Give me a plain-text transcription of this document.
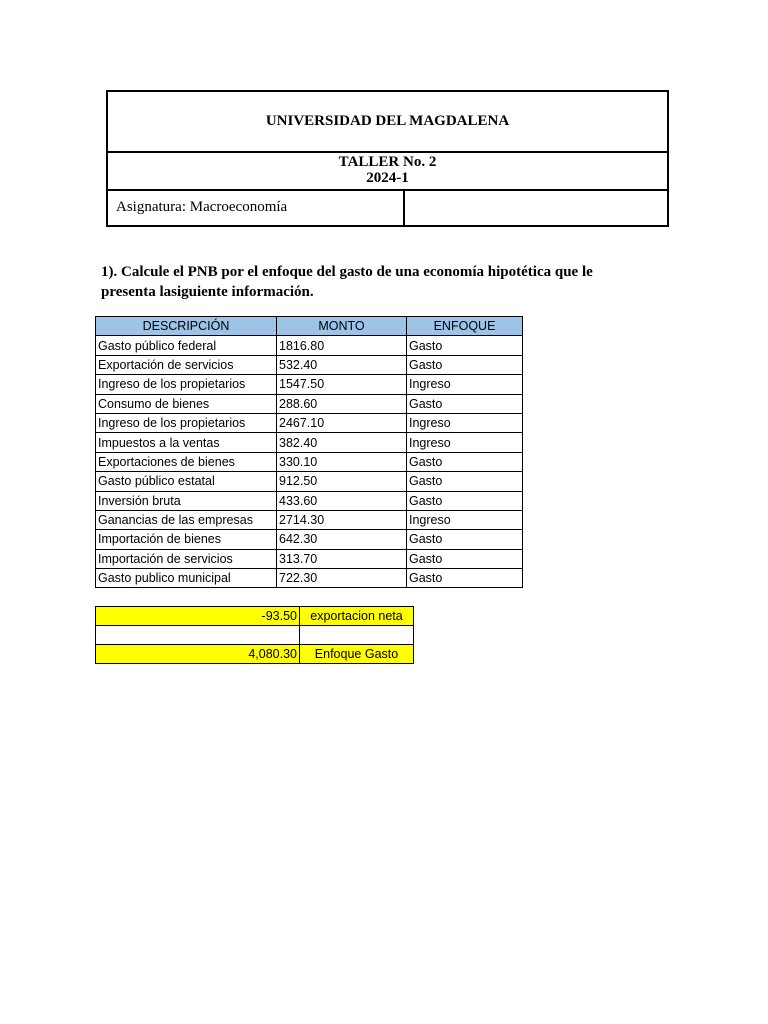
UNIVERSIDAD DEL MAGDALENA
TALLER No. 2
2024-1
Asignatura: Macroeconomía
1). Calcule el PNB por el enfoque del gasto de una economía hipotética que le presenta lasiguiente información.
DESCRIPCIÓN	MONTO	ENFOQUE
Gasto público federal	1816.80	Gasto
Exportación de servicios	532.40	Gasto
Ingreso de los propietarios	1547.50	Ingreso
Consumo de bienes	288.60	Gasto
Ingreso de los propietarios	2467.10	Ingreso
Impuestos a la ventas	382.40	Ingreso
Exportaciones de bienes	330.10	Gasto
Gasto público estatal	912.50	Gasto
Inversión bruta	433.60	Gasto
Ganancias de las empresas	2714.30	Ingreso
Importación de bienes	642.30	Gasto
Importación de servicios	313.70	Gasto
Gasto publico municipal	722.30	Gasto
-93.50	exportacion neta

4,080.30	Enfoque Gasto
